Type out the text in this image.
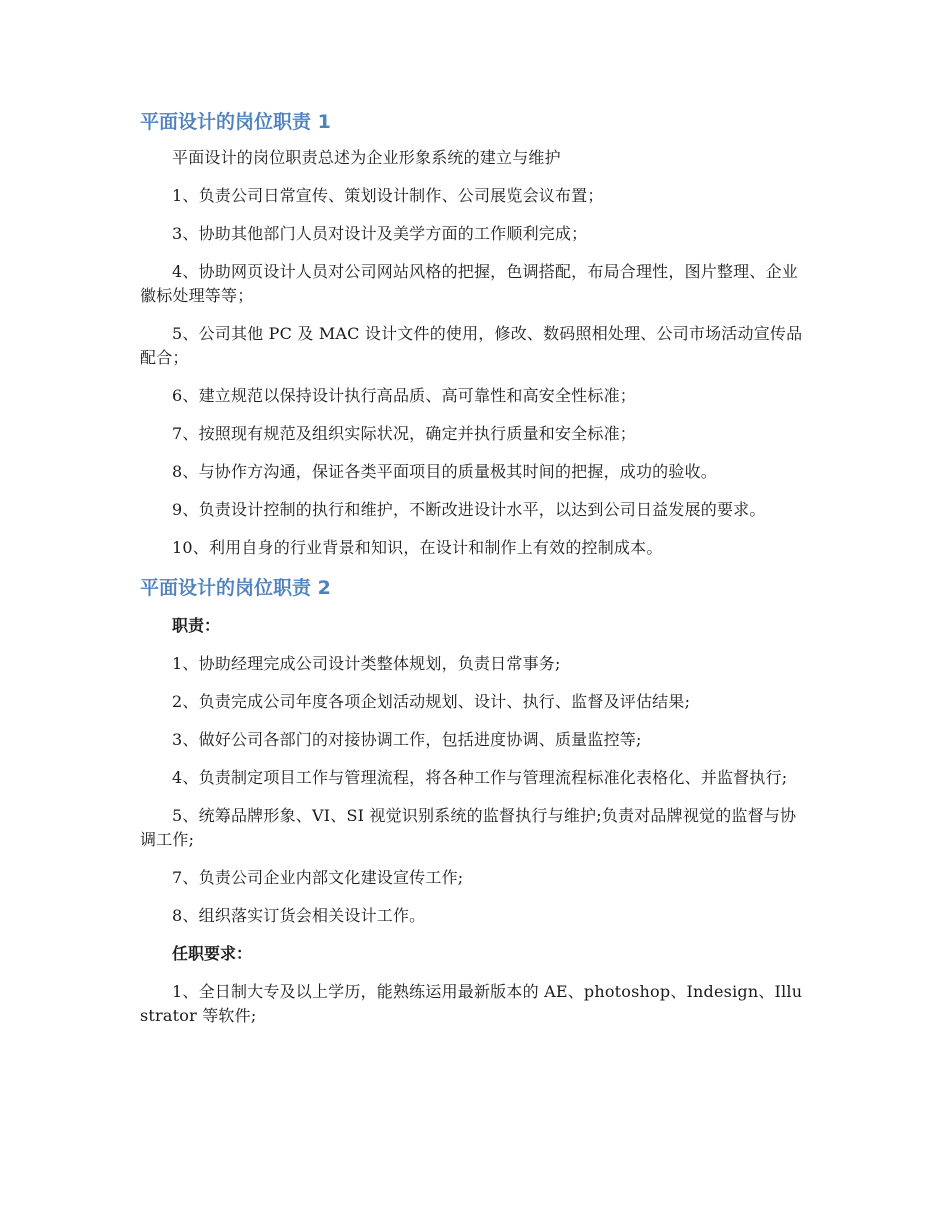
平面设计的岗位职责 1

平面设计的岗位职责总述为企业形象系统的建立与维护

1、负责公司日常宣传、策划设计制作、公司展览会议布置；

3、协助其他部门人员对设计及美学方面的工作顺利完成；

4、协助网页设计人员对公司网站风格的把握，色调搭配，布局合理性，图片整理、企业徽标处理等等；

5、公司其他 PC 及 MAC 设计文件的使用，修改、数码照相处理、公司市场活动宣传品配合；

6、建立规范以保持设计执行高品质、高可靠性和高安全性标准；

7、按照现有规范及组织实际状况，确定并执行质量和安全标准；

8、与协作方沟通，保证各类平面项目的质量极其时间的把握，成功的验收。

9、负责设计控制的执行和维护，不断改进设计水平，以达到公司日益发展的要求。

10、利用自身的行业背景和知识，在设计和制作上有效的控制成本。

平面设计的岗位职责 2

职责：

1、协助经理完成公司设计类整体规划，负责日常事务;

2、负责完成公司年度各项企划活动规划、设计、执行、监督及评估结果;

3、做好公司各部门的对接协调工作，包括进度协调、质量监控等;

4、负责制定项目工作与管理流程，将各种工作与管理流程标准化表格化、并监督执行;

5、统筹品牌形象、VI、SI 视觉识别系统的监督执行与维护;负责对品牌视觉的监督与协调工作;

7、负责公司企业内部文化建设宣传工作;

8、组织落实订货会相关设计工作。

任职要求：

1、全日制大专及以上学历，能熟练运用最新版本的 AE、photoshop、Indesign、Illustrator 等软件;
